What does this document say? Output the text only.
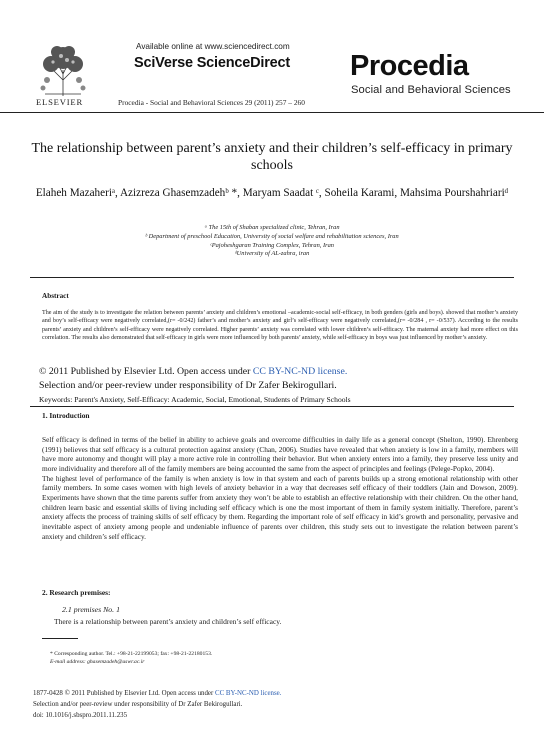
Available online at www.sciencedirect.com
SciVerse ScienceDirect
Procedia - Social and Behavioral Sciences 29 (2011) 257 – 260
Procedia
Social and Behavioral Sciences
ELSEVIER
The relationship between parent’s anxiety and their children’s self-efficacy in primary schools
Elaheh Mazaheriᵃ, Azizreza Ghasemzadehᵇ *, Maryam Saadat ᶜ, Soheila Karami, Mahsima Pourshahriariᵈ
ᵃ The 15th of Shaban specialized clinic, Tehran, Iran
ᵇ Department of preschool Education, University of social welfare and rehabilitation sciences, Iran
ᶜPajoheshgaran Training Complex, Tehran, Iran
ᵈUniversity of AL-zahra, iran
Abstract
The aim of the study is to investigate the relation between parents’ anxiety and children’s emotional –academic-social self-efficacy, in both genders (girls and boys). showed that mother’s anxiety and boy’s self-efficacy were negatively correlated,(r= -0/242) father’s and mother’s anxiety and girl’s self-efficacy were negatively correlated,(r= -0/284 , r= -0/537). According to the results parents’ anxiety and children’s self-efficacy were negatively correlated. Higher parents’ anxiety was correlated with lower children’s self-efficacy. The maternal anxiety had more effect on this correlation. The results also demonstrated that self-efficacy in girls were more influenced by both parents’ anxiety, while self-efficacy in boys was just influenced by mother’s anxiety.
© 2011 Published by Elsevier Ltd. Open access under CC BY-NC-ND license.
Selection and/or peer-review under responsibility of Dr Zafer Bekirogullari.
Keywords: Parent's Anxiety, Self-Efficacy: Academic, Social, Emotional, Students of Primary Schools
1. Introduction

Self efficacy is defined in terms of the belief in ability to achieve goals and overcome difficulties in daily life as a general concept (Shelton, 1990). Ehrenberg (1991) believes that self efficacy is a cultural protection against anxiety (Chan, 2006). Studies have revealed that when anxiety is low in a family, members will have more autonomy and thought will play a more active role in controlling their behavior. But when anxiety enters into a family, they preserve less unity and more individuality and therefore all of the family members are being accounted the same from the aspect of principles and feelings (Pelege-Popko, 2004).

The highest level of performance of the family is when anxiety is low in that system and each of parents builds up a strong emotional relationship with other family members. In some cases women with high levels of anxiety behavior in a way that decreases self efficacy of their toddlers (Jain and Dowson, 2009). Experiments have shown that the time parents suffer from anxiety they won’t be able to establish an effective relationship with their children. On the other hand, children learn basic and essential skills of living including self efficacy which is one the most important of them in family system initially. Therefore, parent’s anxiety affects the process of training skills of self efficacy by them. Regarding the important role of self efficacy in kid’s growth and personality, pervasive and inevitable aspect of anxiety among people and undeniable influence of parents over children, this study sets out to investigate the relation between parent’s anxiety and children’s self efficacy.

2. Research premises:
2.1 premises No. 1
There is a relationship between parent’s anxiety and children’s self efficacy.
* Corresponding author. Tel.: +98-21-22199053; fax: +98-21-22180153.
E-mail address: ghasemzadeh@uswr.ac.ir
1877-0428 © 2011 Published by Elsevier Ltd. Open access under CC BY-NC-ND license.
Selection and/or peer-review under responsibility of Dr Zafer Bekirogullari.
doi: 10.1016/j.sbspro.2011.11.235
